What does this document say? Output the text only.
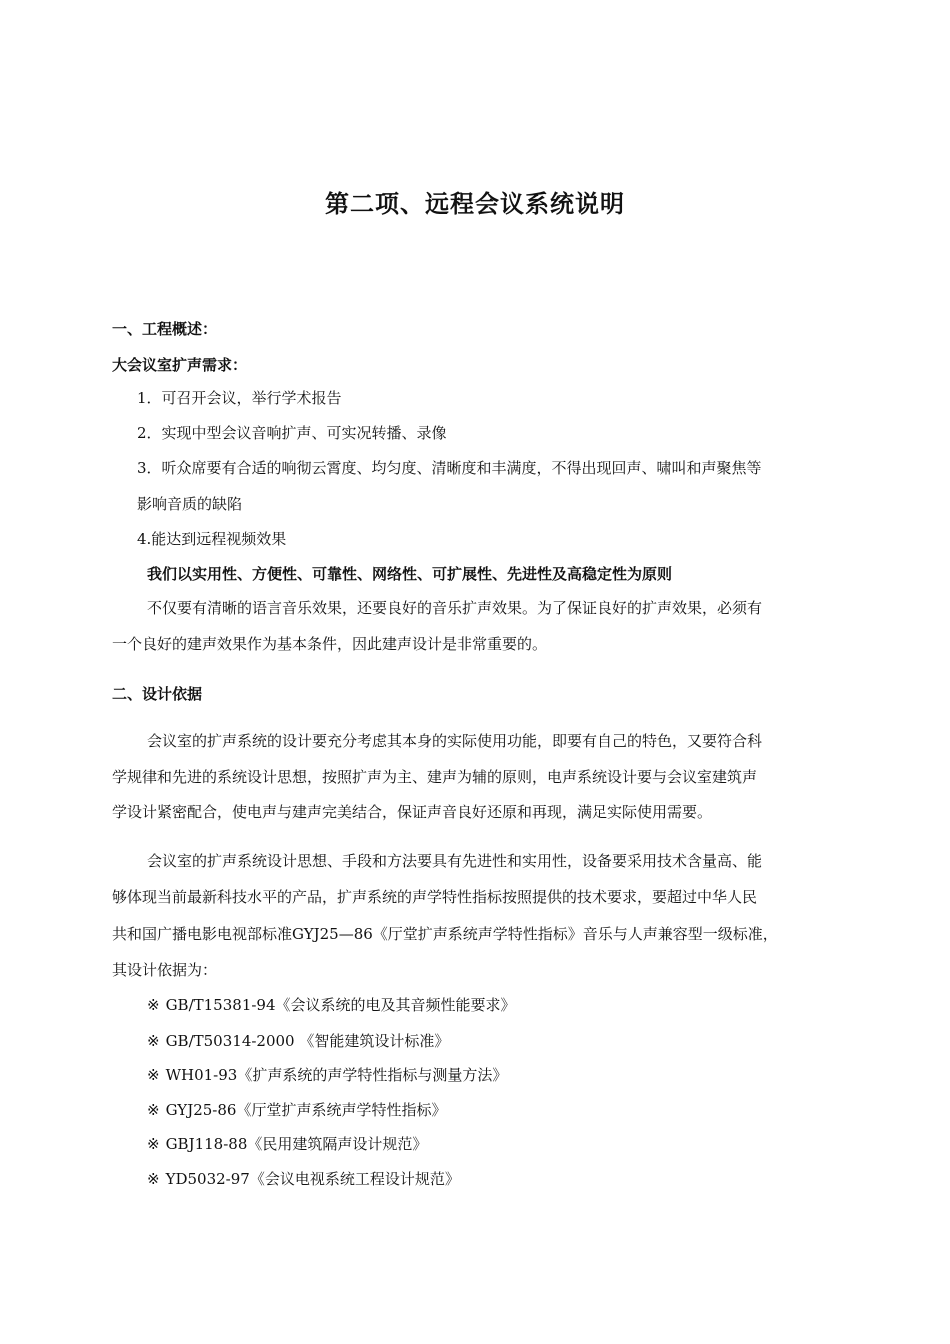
第二项、远程会议系统说明

一、工程概述：

大会议室扩声需求：

1．可召开会议，举行学术报告

2．实现中型会议音响扩声、可实况转播、录像

3．听众席要有合适的响彻云霄度、均匀度、清晰度和丰满度，不得出现回声、啸叫和声聚焦等

影响音质的缺陷

4.能达到远程视频效果

我们以实用性、方便性、可靠性、网络性、可扩展性、先进性及高稳定性为原则

不仅要有清晰的语言音乐效果，还要良好的音乐扩声效果。为了保证良好的扩声效果，必须有

一个良好的建声效果作为基本条件，因此建声设计是非常重要的。

二、设计依据

会议室的扩声系统的设计要充分考虑其本身的实际使用功能，即要有自己的特色，又要符合科

学规律和先进的系统设计思想，按照扩声为主、建声为辅的原则，电声系统设计要与会议室建筑声

学设计紧密配合，使电声与建声完美结合，保证声音良好还原和再现，满足实际使用需要。

会议室的扩声系统设计思想、手段和方法要具有先进性和实用性，设备要采用技术含量高、能

够体现当前最新科技水平的产品，扩声系统的声学特性指标按照提供的技术要求，要超过中华人民

共和国广播电影电视部标准GYJ25—86《厅堂扩声系统声学特性指标》音乐与人声兼容型一级标准，

其设计依据为：

※ GB/T15381-94《会议系统的电及其音频性能要求》

※ GB/T50314-2000 《智能建筑设计标准》

※ WH01-93《扩声系统的声学特性指标与测量方法》

※ GYJ25-86《厅堂扩声系统声学特性指标》

※ GBJ118-88《民用建筑隔声设计规范》

※ YD5032-97《会议电视系统工程设计规范》
